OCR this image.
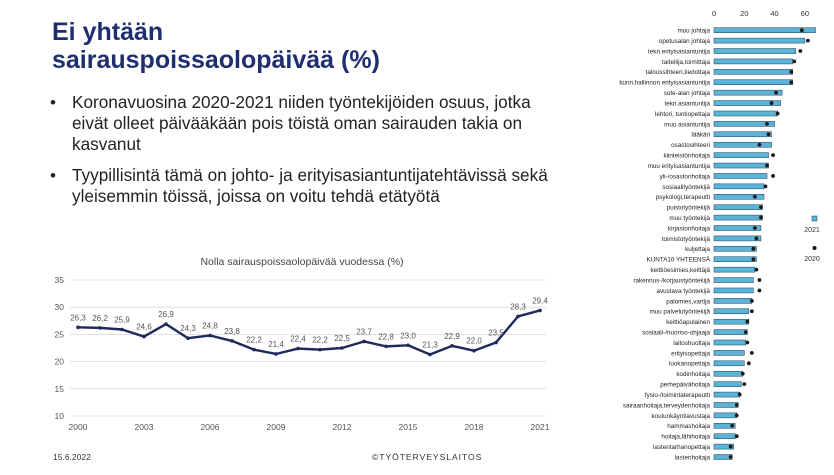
Ei yhtään
sairauspoissaolopäivää (%)
• Koronavuosina 2020-2021 niiden työntekijöiden osuus, jotka eivät olleet päivääkään pois töistä oman sairauden takia on kasvanut
• Tyypillisintä tämä on johto- ja erityisasiantuntijatehtävissä sekä yleisemmin töissä, joissa on voitu tehdä etätyötä
Nolla sairauspoissaolopäivää vuodessa (%)
35
30
25
20
15
10
2000	2003	2006	2009	2012	2015	2018	2021
26,3 26,2 25,9
24,6
26,9
24,3 24,8
23,8
22,2 21,4
22,4 22,2 22,5
23,7
22,8 23,0
21,3
22,9
22,0
23,5
28,3
29,4
0	20	40	60
muu johtaja
opetusalan johtaja
tekn.erityisasiantuntija
taiteilija,toimittaja
taloussihteeri,tiedottaja
kunn.hallinnon erityisasiantuntija
sote-alan johtaja
tekn.asiantuntija
lehtori, tuntiopettaja
muu asiantuntija
lääkäri
osastosihteeri
kiinteistönhoitaja
muu erityisasiantuntija
yli-/osastonhoitaja
sosiaalityöntekijä
psykologi,terapeutti
puistotyöntekijä
muu työntekijä
kirjastonhoitaja
toimistotyöntekijä
kuljettaja
KUNTA10 YHTEENSÄ
keittiöesimies,keittäjä
rakennus-/korjaustyöntekijä
avustava työntekijä
palomies,vartija
muu palvelutyöntekijä
keittiöapulainen
sosiaali-/nuoriso-ohjaaja
laitoshuoltaja
erityisopettaja
luokanopettaja
kodinhoitaja
perhepäivähoitaja
fysio-/toimintaterapeutti
sairaanhoitaja,terveydenhoitaja
koulunkäyntiavustaja
hammashoitaja
hoitaja,lähihoitaja
lastentarhanopettaja
lastenhoitaja
2021
2020
15.6.2022	©TYÖTERVEYSLAITOS
